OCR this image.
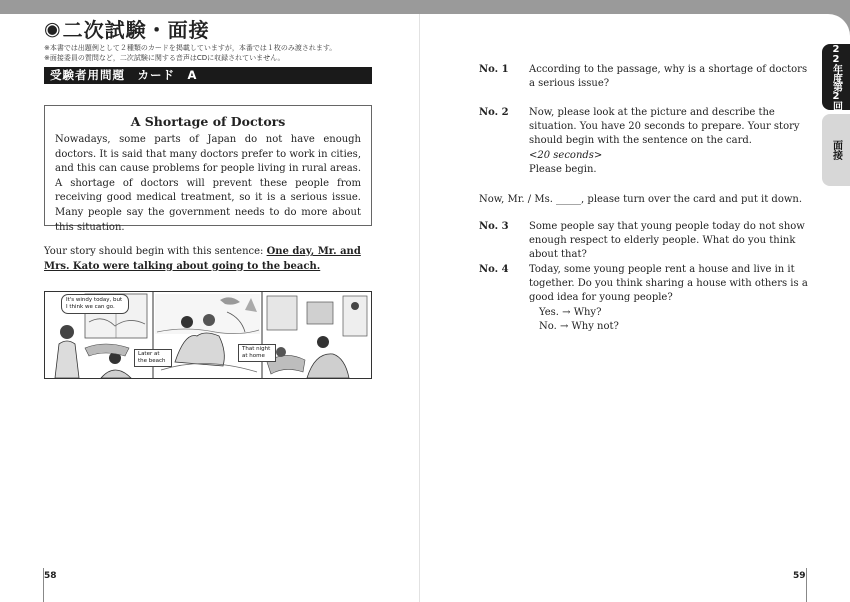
◉ 二次試験・面接
※本書では出題例として２種類のカードを掲載していますが，本番では１枚のみ渡されます。
※面接委員の質問など，二次試験に関する音声はCDに収録されていません。
受験者用問題　カード　A
A Shortage of Doctors
Nowadays, some parts of Japan do not have enough doctors. It is said that many doctors prefer to work in cities, and this can cause problems for people living in rural areas. A shortage of doctors will prevent these people from receiving good medical treatment, so it is a serious issue. Many people say the government needs to do more about this situation.
Your story should begin with this sentence: One day, Mr. and Mrs. Kato were talking about going to the beach.
It's windy today, but I think we can go.
Later at the beach
That night at home
58
No. 1	According to the passage, why is a shortage of doctors a serious issue?
No. 2	Now, please look at the picture and describe the situation. You have 20 seconds to prepare. Your story should begin with the sentence on the card.
<20 seconds>
Please begin.
Now, Mr. / Ms. _____, please turn over the card and put it down.
No. 3	Some people say that young people today do not show enough respect to elderly people. What do you think about that?
No. 4	Today, some young people rent a house and live in it together. Do you think sharing a house with others is a good idea for young people?
Yes. → Why?
No. → Why not?
59
22年度第2回
面接
